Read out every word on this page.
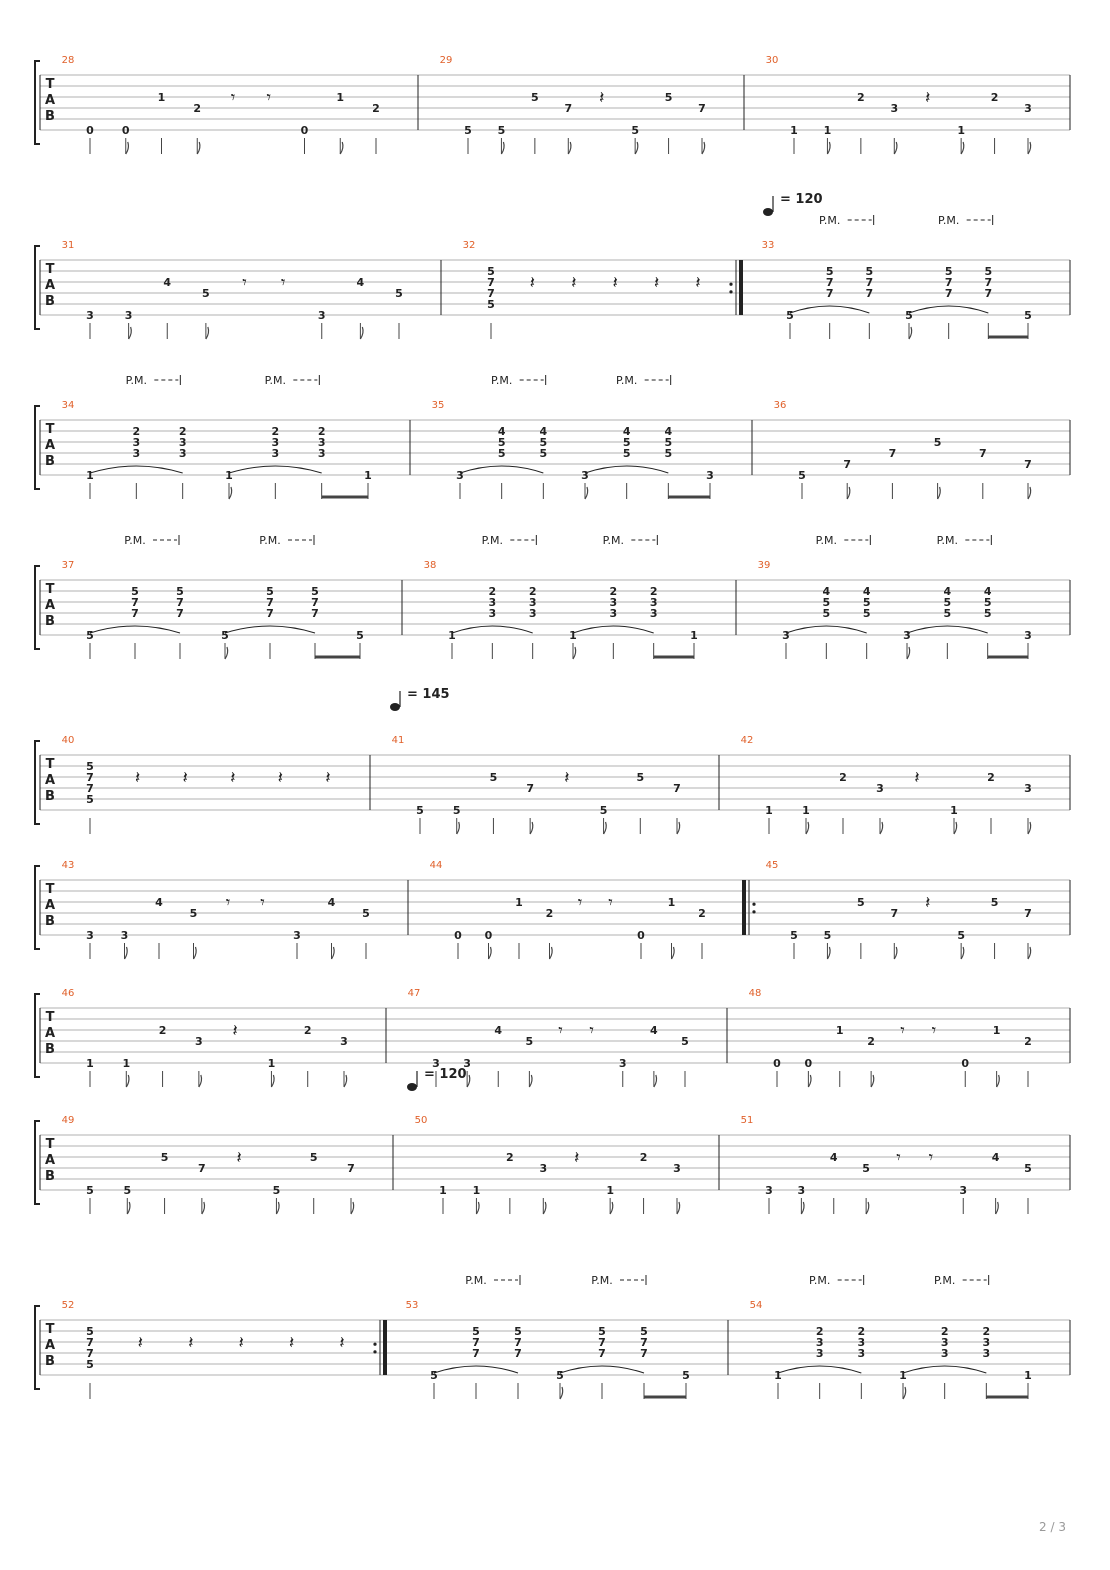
T
A
B
28
0	0
1
2
𝄾 𝄾
0
1
2
29
5 5
5
7
𝄽
5
5
7
30
1 1
2
3
𝄽
1
2
3
T
A
B
31
3	3
4
5
𝄾 𝄾
3
4
5
32
5
7
7
5
𝄽 𝄽 𝄽 𝄽 𝄽
33
5
5
7
7
5
7
7
5
5
7
7
5
7
7
5
P.M.	P.M.
= 120
T
A
B
34
1
2
3
3
2
3
3
1
2
3
3
2
3
3
1
P.M.	P.M.
35
3
4
5
5
4
5
5
3
4
5
5
4
5
5
3
P.M.	P.M.
36
5
7
7
5
7
7
T
A
B
37
5
5
7
7
5
7
7
5
5
7
7
5
7
7
5
P.M.	P.M.
38
1
2
3
3
2
3
3
1
2
3
3
2
3
3
1
P.M.	P.M.
39
3
4
5
5
4
5
5
3
4
5
5
4
5
5
3
P.M.	P.M.
T
A
B
40
5
7
7
5
𝄽 𝄽 𝄽 𝄽 𝄽
41
5	5
5
7
𝄽
5
5
7
42
1	1
2
3
𝄽
1
2
3
= 145
T
A
B
43
3 3
4
5
𝄾 𝄾
3
4
5
44
0 0
1
2
𝄾 𝄾
0
1
2
45
5 5
5
7
𝄽
5
5
7
T
A
B
46
1	1
2
3
𝄽
1
2
3
47
3 3
4
5
𝄾 𝄾
3
4
5
48
0 0
1
2
𝄾 𝄾
0
1
2
T
A
B
49
5	5
5
7
𝄽
5
5
7
50
1 1
2
3
𝄽
1
2
3
51
3 3
4
5
𝄾 𝄾
3
4
5
= 120
T
A
B
52
5
7
7
5
𝄽	𝄽	𝄽	𝄽	𝄽
53
5
5
7
7
5
7
7
5
5
7
7
5
7
7
5
P.M.	P.M.
54
1
2
3
3
2
3
3
1
2
3
3
2
3
3
1
P.M.	P.M.
2 / 3
